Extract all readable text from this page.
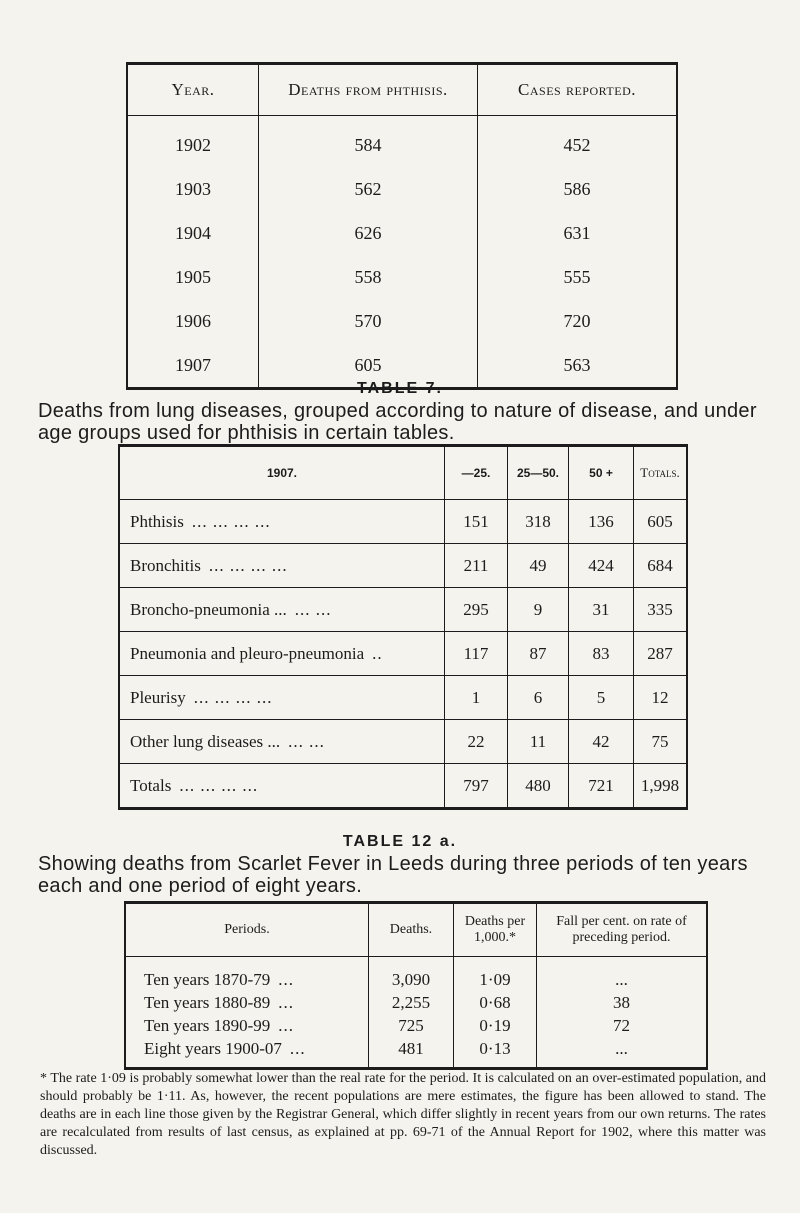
Year.	Deaths from phthisis.	Cases reported.
1902	584	452
1903	562	586
1904	626	631
1905	558	555
1906	570	720
1907	605	563
TABLE 7.
Deaths from lung diseases, grouped according to nature of disease, and under age groups used for phthisis in certain tables.
1907.	—25.	25—50.	50 +	Totals.
Phthisis ... ... ... ...	151	318	136	605
Bronchitis ... ... ... ...	211	49	424	684
Broncho-pneumonia ... ... ...	295	9	31	335
Pneumonia and pleuro-pneumonia ..	117	87	83	287
Pleurisy ... ... ... ...	1	6	5	12
Other lung diseases ... ... ...	22	11	42	75
Totals ... ... ... ...	797	480	721	1,998
TABLE 12 a.
Showing deaths from Scarlet Fever in Leeds during three periods of ten years each and one period of eight years.
Periods.	Deaths.	Deaths per 1,000.*	Fall per cent. on rate of preceding period.
Ten years 1870-79 ...	3,090	1·09	...
Ten years 1880-89 ...	2,255	0·68	38
Ten years 1890-99 ...	725	0·19	72
Eight years 1900-07 ...	481	0·13	...
* The rate 1·09 is probably somewhat lower than the real rate for the period. It is calculated on an over-estimated population, and should probably be 1·11. As, however, the recent populations are mere estimates, the figure has been allowed to stand. The deaths are in each line those given by the Registrar General, which differ slightly in recent years from our own returns. The rates are recalculated from results of last census, as explained at pp. 69-71 of the Annual Report for 1902, where this matter was discussed.
